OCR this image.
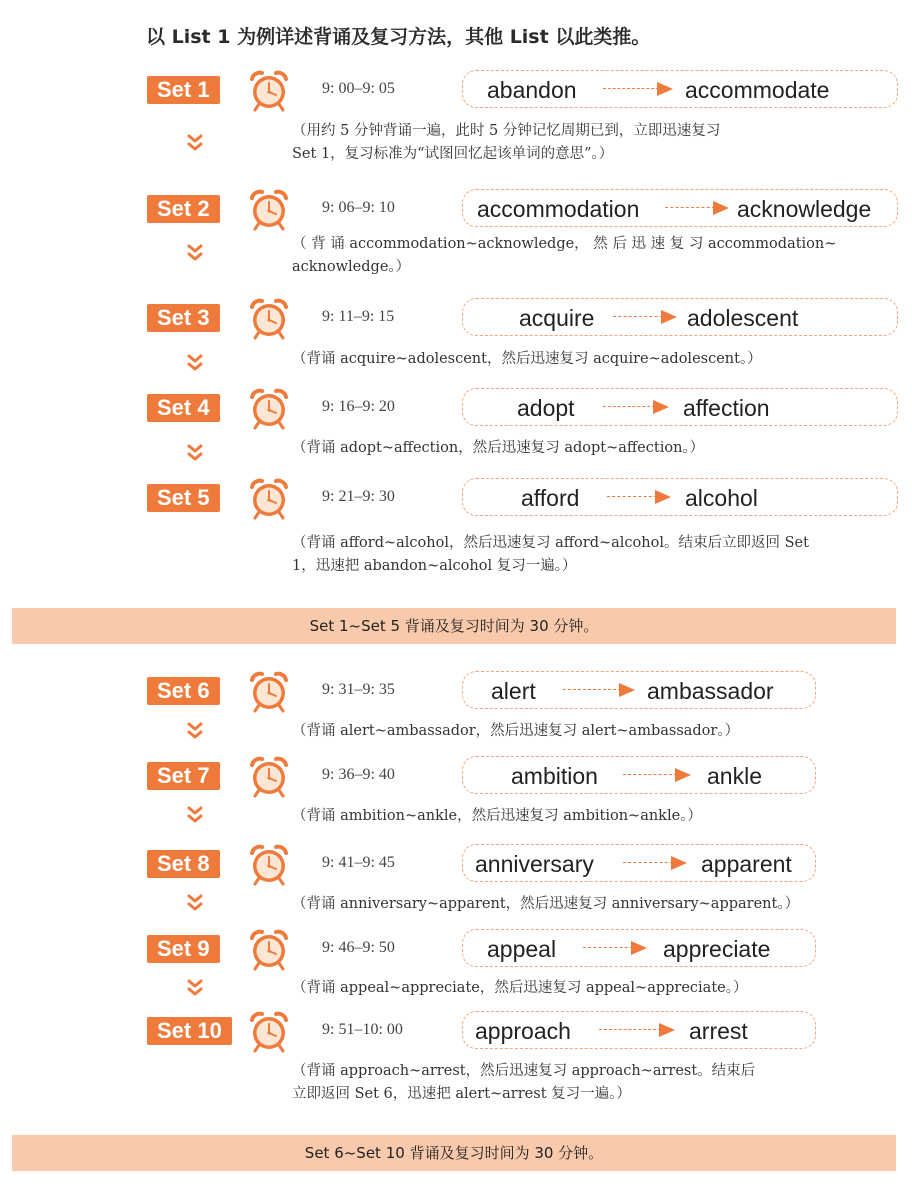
以 List 1 为例详述背诵及复习方法，其他 List 以此类推。
Set 1	9: 00–9: 05	abandon	accommodate
（用约 5 分钟背诵一遍，此时 5 分钟记忆周期已到，立即迅速复习
Set 1，复习标准为“试图回忆起该单词的意思”。）
Set 2	9: 06–9: 10	accommodation	acknowledge
（ 背 诵 accommodation~acknowledge， 然 后 迅 速 复 习 accommodation~
acknowledge。）
Set 3	9: 11–9: 15	acquire	adolescent
（背诵 acquire~adolescent，然后迅速复习 acquire~adolescent。）
Set 4	9: 16–9: 20	adopt	affection
（背诵 adopt~affection，然后迅速复习 adopt~affection。）
Set 5	9: 21–9: 30	afford	alcohol
（背诵 afford~alcohol，然后迅速复习 afford~alcohol。结束后立即返回 Set
1，迅速把 abandon~alcohol 复习一遍。）
Set 6	9: 31–9: 35	alert	ambassador
（背诵 alert~ambassador，然后迅速复习 alert~ambassador。）
Set 7	9: 36–9: 40	ambition	ankle
（背诵 ambition~ankle，然后迅速复习 ambition~ankle。）
Set 8	9: 41–9: 45	anniversary	apparent
（背诵 anniversary~apparent，然后迅速复习 anniversary~apparent。）
Set 9	9: 46–9: 50	appeal	appreciate
（背诵 appeal~appreciate，然后迅速复习 appeal~appreciate。）
Set 10	9: 51–10: 00	approach	arrest
（背诵 approach~arrest，然后迅速复习 approach~arrest。结束后
立即返回 Set 6，迅速把 alert~arrest 复习一遍。）
Set 1~Set 5 背诵及复习时间为 30 分钟。
Set 6~Set 10 背诵及复习时间为 30 分钟。
